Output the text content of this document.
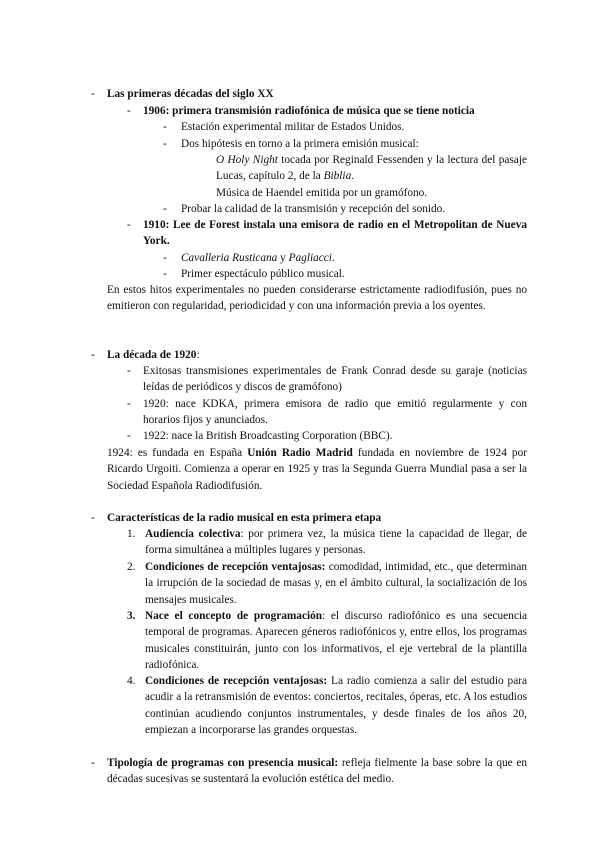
- Las primeras décadas del siglo XX
- 1906: primera transmisión radiofónica de música que se tiene noticia
- Estación experimental militar de Estados Unidos.
- Dos hipótesis en torno a la primera emisión musical:
O Holy Night tocada por Reginald Fessenden y la lectura del pasaje Lucas, capítulo 2, de la Biblia.
Música de Haendel emitida por un gramófono.
- Probar la calidad de la transmisión y recepción del sonido.
- 1910: Lee de Forest instala una emisora de radio en el Metropolitan de Nueva York.
- Cavalleria Rusticana y Pagliacci.
- Primer espectáculo público musical.
En estos hitos experimentales no pueden considerarse estrictamente radiodifusión, pues no emitieron con regularidad, periodicidad y con una información previa a los oyentes.
- La década de 1920:
- Exitosas transmisiones experimentales de Frank Conrad desde su garaje (noticias leídas de periódicos y discos de gramófono)
- 1920: nace KDKA, primera emisora de radio que emitió regularmente y con horarios fijos y anunciados.
- 1922: nace la British Broadcasting Corporation (BBC).
1924: es fundada en España Unión Radio Madrid fundada en noviembre de 1924 por Ricardo Urgoiti. Comienza a operar en 1925 y tras la Segunda Guerra Mundial pasa a ser la Sociedad Española Radiodifusión.
- Características de la radio musical en esta primera etapa
1. Audiencia colectiva: por primera vez, la música tiene la capacidad de llegar, de forma simultánea a múltiples lugares y personas.
2. Condiciones de recepción ventajosas: comodidad, intimidad, etc., que determinan la irrupción de la sociedad de masas y, en el ámbito cultural, la socialización de los mensajes musicales.
3. Nace el concepto de programación: el discurso radiofónico es una secuencia temporal de programas. Aparecen géneros radiofónicos y, entre ellos, los programas musicales constituirán, junto con los informativos, el eje vertebral de la plantilla radiofónica.
4. Condiciones de recepción ventajosas: La radio comienza a salir del estudio para acudir a la retransmisión de eventos: conciertos, recitales, óperas, etc. A los estudios continúan acudiendo conjuntos instrumentales, y desde finales de los años 20, empiezan a incorporarse las grandes orquestas.
- Tipología de programas con presencia musical: refleja fielmente la base sobre la que en décadas sucesivas se sustentará la evolución estética del medio.
